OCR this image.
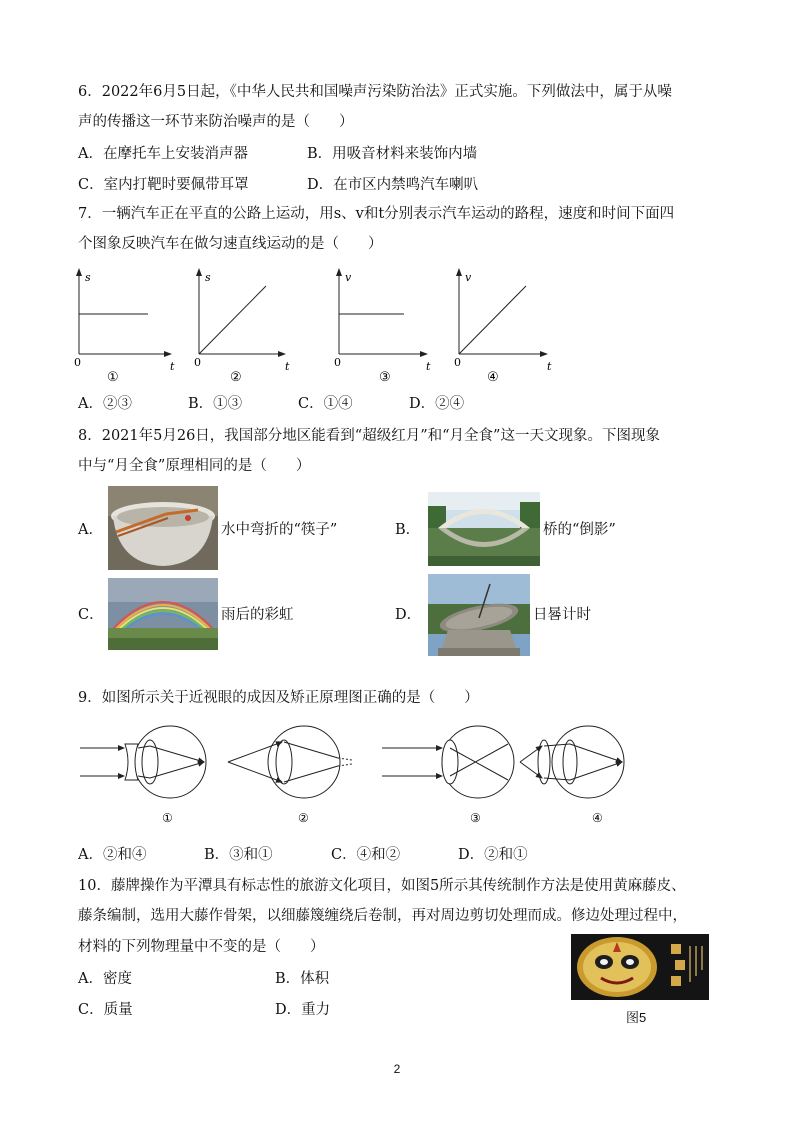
6．2022年6月5日起，《中华人民共和国噪声污染防治法》正式实施。下列做法中，属于从噪
声的传播这一环节来防治噪声的是（　　）
A．在摩托车上安装消声器	B．用吸音材料来装饰内墙
C．室内打靶时要佩带耳罩	D．在市区内禁鸣汽车喇叭
7．一辆汽车正在平直的公路上运动，用s、v和t分别表示汽车运动的路程，速度和时间下面四
个图象反映汽车在做匀速直线运动的是（　　）
s
t
0
①
s
t
0
②
v
t
0
③
v
t
0
④
A．②③	B．①③	C．①④	D．②④
8．2021年5月26日，我国部分地区能看到“超级红月”和“月全食”这一天文现象。下图现象
中与“月全食”原理相同的是（　　）
A．	水中弯折的“筷子”	B．	桥的“倒影”
C．	雨后的彩虹	D．	日晷计时
9．如图所示关于近视眼的成因及矫正原理图正确的是（　　）
①	②	③	④
A．②和④	B．③和①	C．④和②	D．②和①
10．藤牌操作为平潭具有标志性的旅游文化项目，如图5所示其传统制作方法是使用黄麻藤皮、
藤条编制，选用大藤作骨架，以细藤篾缠绕后卷制，再对周边剪切处理而成。修边处理过程中，
材料的下列物理量中不变的是（　　）
A．密度	B．体积
C．质量	D．重力	图5
2
